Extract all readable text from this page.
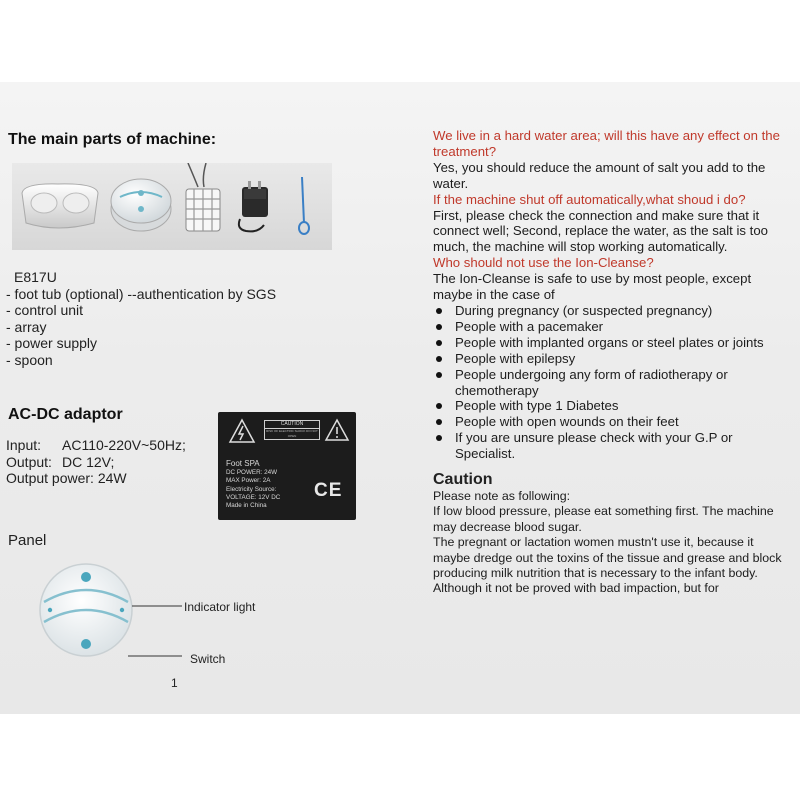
The main parts of machine:
E817U
- foot tub (optional) --authentication by SGS
- control unit
- array
- power supply
- spoon
AC-DC adaptor
Input:	AC110-220V~50Hz;
Output: DC 12V;
Output power: 24W
CAUTION
RISK OF ELECTRIC SHOCK DO NOT OPEN
Foot SPA
DC POWER: 24W
MAX Power: 2A
Electricity Source:
VOLTAGE: 12V DC
Made in China
CE
Panel
Indicator light
Switch
1

We live in a hard water area; will this have any effect on the treatment?

Yes, you should reduce the amount of salt you add to the water.

If the machine shut off automatically,what shoud i do?

First, please check the connection and make sure that it connect well; Second, replace the water, as the salt is too much, the machine will stop working automatically.

Who should not use the Ion-Cleanse?

The Ion-Cleanse is safe to use by most people, except maybe in the case of

During pregnancy (or suspected pregnancy)
People with a pacemaker
People with implanted organs or steel plates or joints
People with epilepsy
People undergoing any form of radiotherapy or chemotherapy
People with type 1 Diabetes
People with open wounds on their feet
If you are unsure please check with your G.P or Specialist.
Caution

Please note as following:

If low blood pressure, please eat something first. The machine may decrease blood sugar.

The pregnant or lactation women mustn't use it, because it maybe dredge out the toxins of the tissue and grease and block producing milk nutrition that is necessary to the infant body. Although it not be proved with bad impaction, but for
